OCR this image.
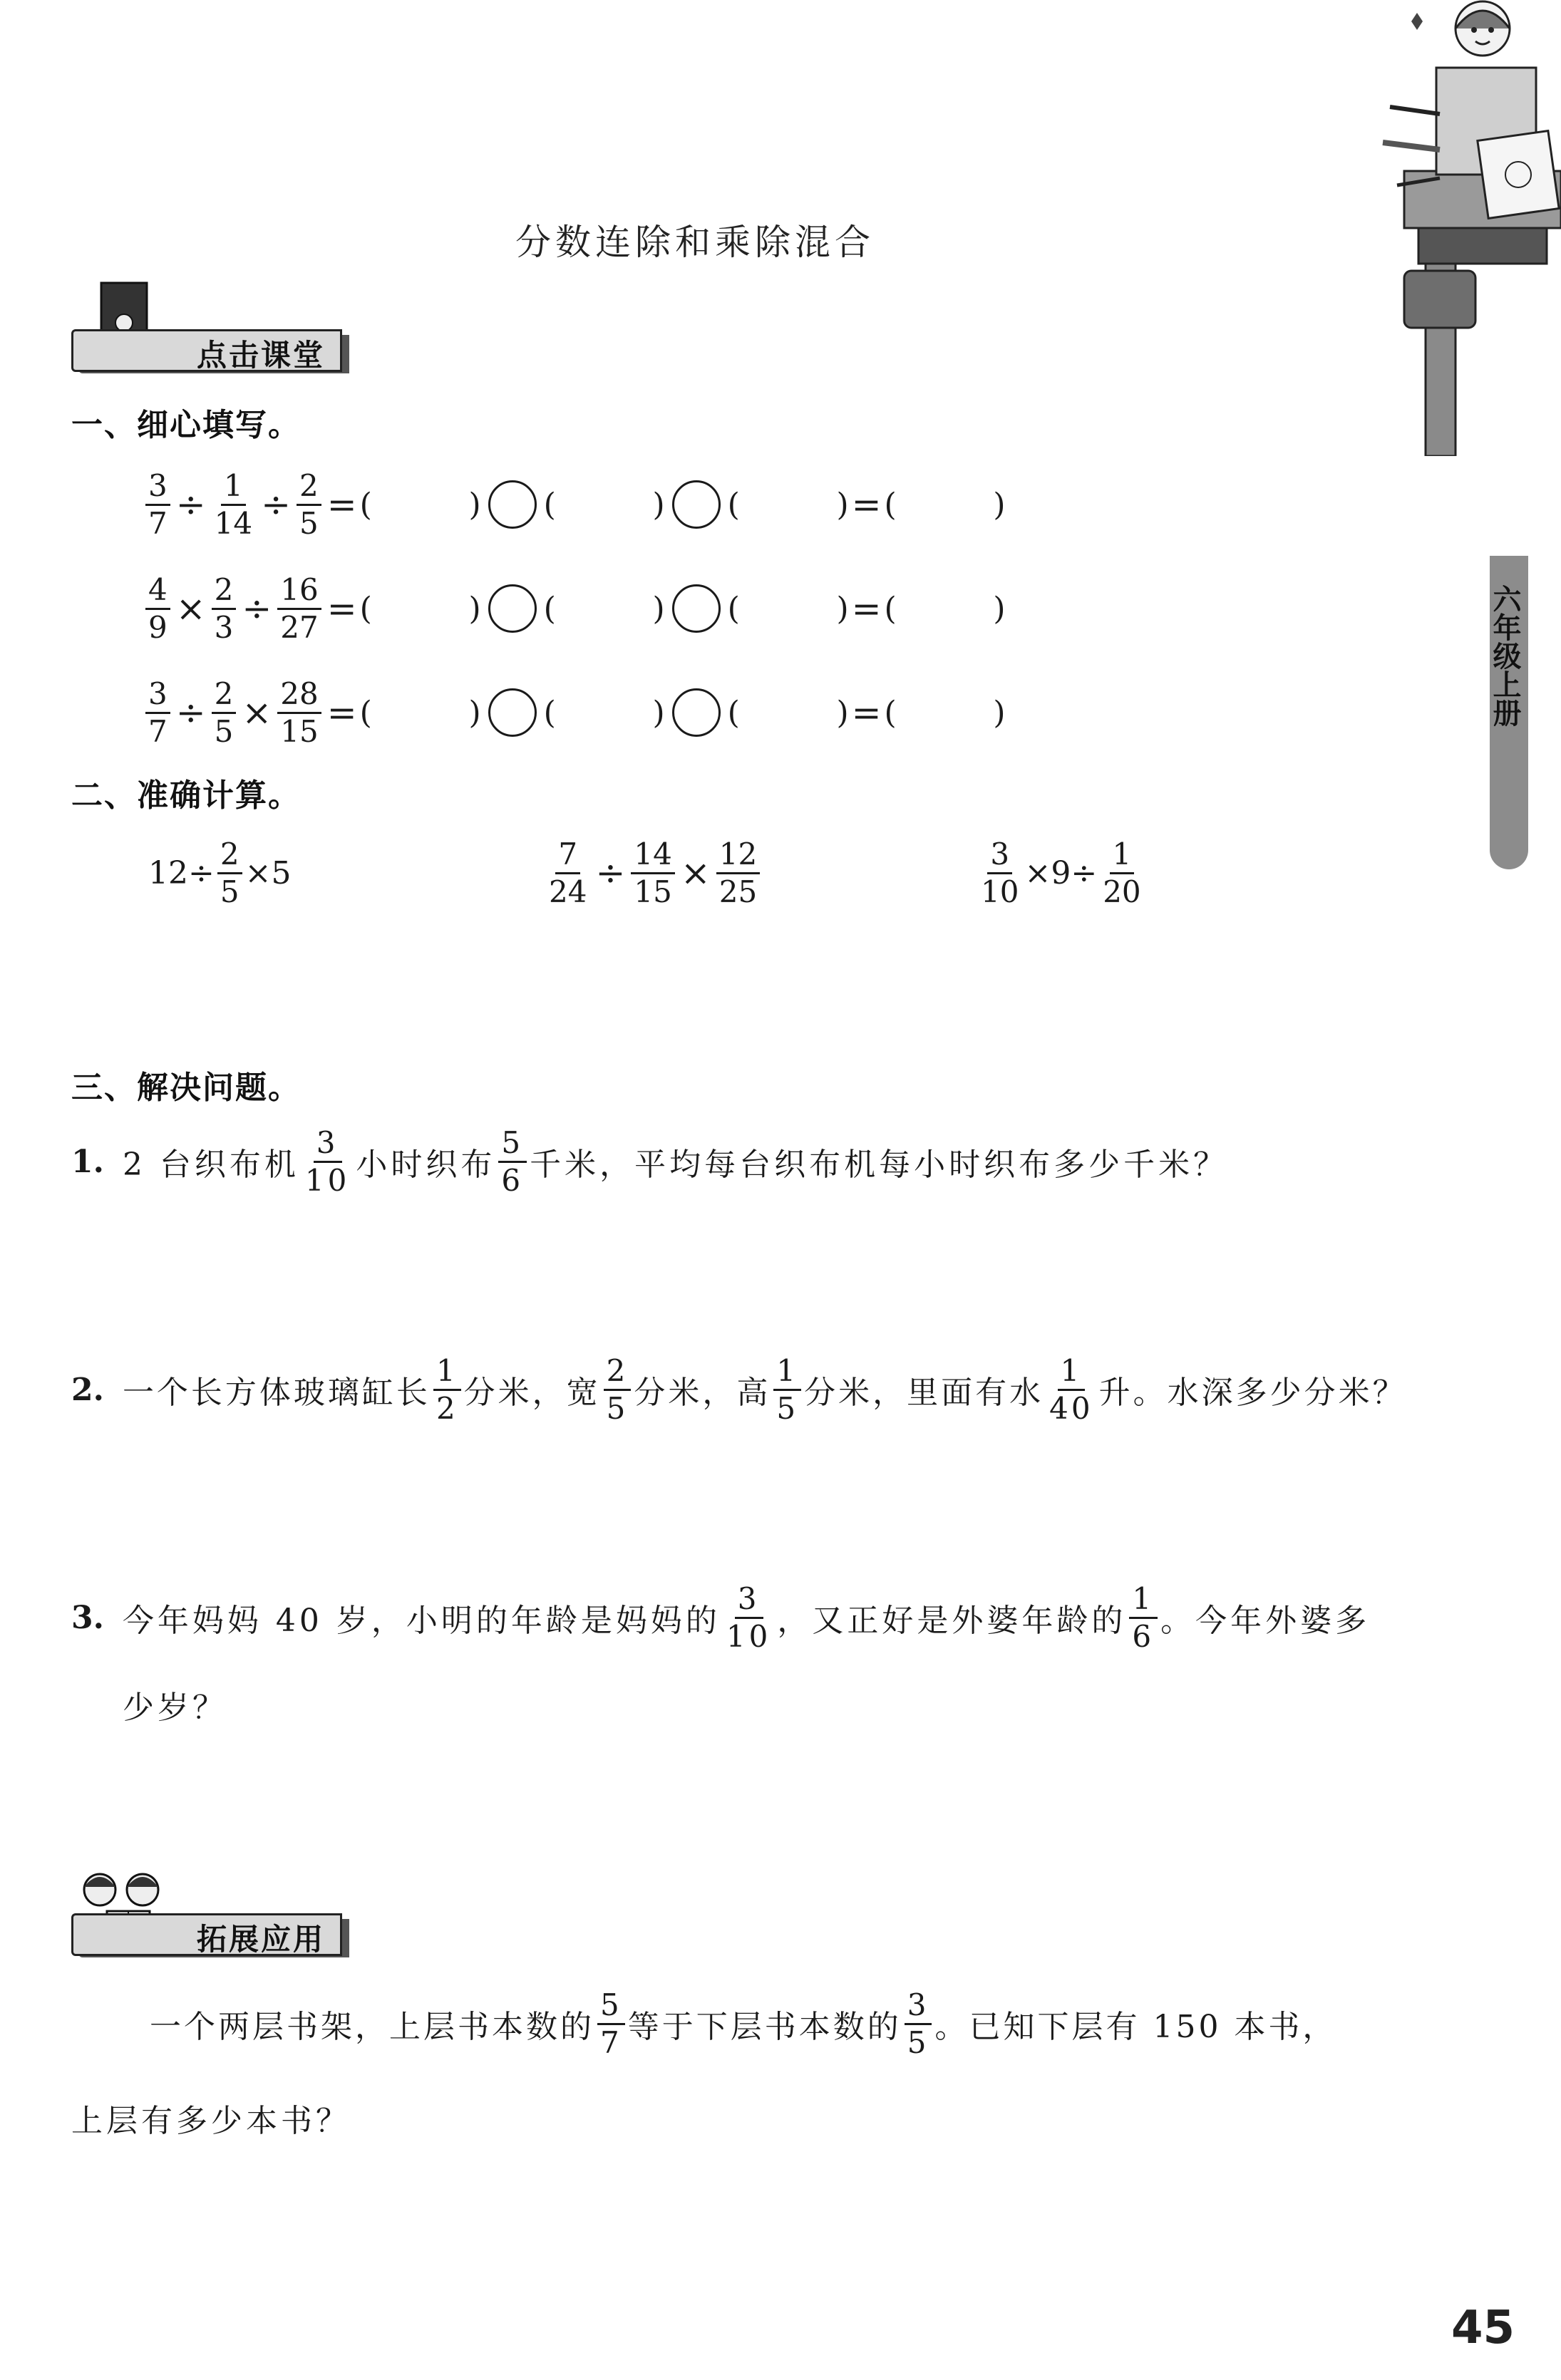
分数连除和乘除混合
点击课堂
一、细心填写。
$\frac{3}{7} \div \frac{1}{14} \div \frac{2}{5}$ = (	) (	) (	) = (	)
$\frac{4}{9} \times \frac{2}{3} \div \frac{16}{27}$ = (	) (	) (	) = (	)
$\frac{3}{7} \div \frac{2}{5} \times \frac{28}{15}$ = (	) (	) (	) = (	)
二、准确计算。
$12\div \frac{2}{5} \times 5$	$\frac{7}{24} \div \frac{14}{15} \times \frac{12}{25}$	$\frac{3}{10} \times 9\div \frac{1}{20}$
三、解决问题。
1. 2 台织布机 $\frac{3}{10}$ 小时织布 $\frac{5}{6}$ 千米，平均每台织布机每小时织布多少千米？
2. 一个长方体玻璃缸长 $\frac{1}{2}$ 分米，宽 $\frac{2}{5}$ 分米，高 $\frac{1}{5}$ 分米，里面有水 $\frac{1}{40}$ 升。水深多少分米？
3. 今年妈妈 40 岁，小明的年龄是妈妈的 $\frac{3}{10}$ ，又正好是外婆年龄的 $\frac{1}{6}$ 。今年外婆多
少岁？
拓展应用
一个两层书架，上层书本数的 $\frac{5}{7}$ 等于下层书本数的 $\frac{3}{5}$ 。已知下层有 150 本书，
上层有多少本书？
六年级上册
45
